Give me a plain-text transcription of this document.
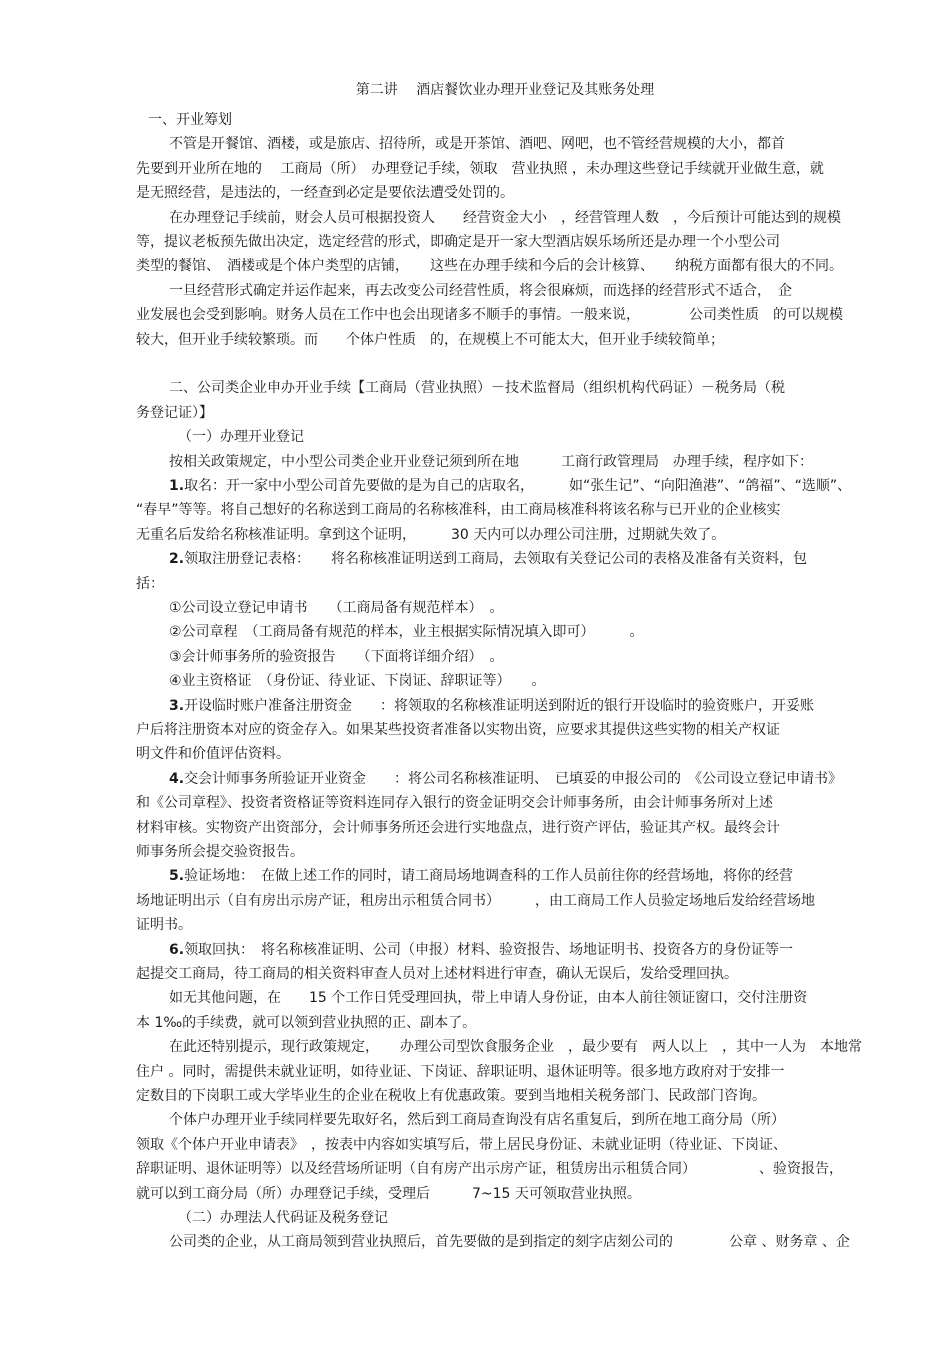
第二讲　 酒店餐饮业办理开业登记及其账务处理
一、开业筹划
不管是开餐馆、酒楼，或是旅店、招待所，或是开茶馆、酒吧、网吧，也不管经营规模的大小，都首
先要到开业所在地的　 工商局（所）　办理登记手续，领取　营业执照 ，未办理这些登记手续就开业做生意，就
是无照经营，是违法的，一经查到必定是要依法遭受处罚的。
在办理登记手续前，财会人员可根据投资人　　经营资金大小　，经营管理人数　，今后预计可能达到的规模
等，提议老板预先做出决定，选定经营的形式，即确定是开一家大型酒店娱乐场所还是办理一个小型公司
类型的餐馆、　酒楼或是个体户类型的店铺，　　这些在办理手续和今后的会计核算、　　纳税方面都有很大的不同。
一旦经营形式确定并运作起来，再去改变公司经营性质，将会很麻烦，而选择的经营形式不适合，　企
业发展也会受到影响。财务人员在工作中也会出现诸多不顺手的事情。一般来说，　　　　公司类性质　的可以规模
较大，但开业手续较繁琐。而　　个体户性质　的，在规模上不可能太大，但开业手续较简单；
二、公司类企业申办开业手续【工商局（营业执照）－技术监督局（组织机构代码证）－税务局（税
务登记证）】
（一）办理开业登记
按相关政策规定，中小型公司类企业开业登记须到所在地　　　工商行政管理局　办理手续，程序如下：
1.取名：开一家中小型公司首先要做的是为自己的店取名，　　　如“张生记”、“向阳渔港”、“鸽福”、“选顺”、
“春早”等等。将自己想好的名称送到工商局的名称核准科，由工商局核准科将该名称与已开业的企业核实
无重名后发给名称核准证明。拿到这个证明，　　　30 天内可以办理公司注册，过期就失效了。
2.领取注册登记表格：　　将名称核准证明送到工商局，去领取有关登记公司的表格及准备有关资料，包
括：
①公司设立登记申请书　　（工商局备有规范样本）　。
②公司章程　（工商局备有规范的样本，业主根据实际情况填入即可）　　　。
③会计师事务所的验资报告　　（下面将详细介绍）　。
④业主资格证　（身份证、待业证、下岗证、辞职证等）　　。
3.开设临时账户准备注册资金　　：将领取的名称核准证明送到附近的银行开设临时的验资账户，开妥账
户后将注册资本对应的资金存入。如果某些投资者准备以实物出资，应要求其提供这些实物的相关产权证
明文件和价值评估资料。
4.交会计师事务所验证开业资金　　：将公司名称核准证明、　已填妥的申报公司的　《公司设立登记申请书》
和《公司章程》、投资者资格证等资料连同存入银行的资金证明交会计师事务所，由会计师事务所对上述
材料审核。实物资产出资部分，会计师事务所还会进行实地盘点，进行资产评估，验证其产权。最终会计
师事务所会提交验资报告。
5.验证场地：　在做上述工作的同时，请工商局场地调查科的工作人员前往你的经营场地，将你的经营
场地证明出示（自有房出示房产证，租房出示租赁合同书）　　　，由工商局工作人员验定场地后发给经营场地
证明书。
6.领取回执：　将名称核准证明、公司（申报）材料、验资报告、场地证明书、投资各方的身份证等一
起提交工商局，待工商局的相关资料审查人员对上述材料进行审查，确认无误后，发给受理回执。
如无其他问题，在　　15 个工作日凭受理回执，带上申请人身份证，由本人前往领证窗口，交付注册资
本 1‰的手续费，就可以领到营业执照的正、副本了。
在此还特别提示，现行政策规定，　　办理公司型饮食服务企业　，最少要有　两人以上　，其中一人为　本地常
住户 。同时，需提供未就业证明，如待业证、下岗证、辞职证明、退休证明等。很多地方政府对于安排一
定数目的下岗职工或大学毕业生的企业在税收上有优惠政策。要到当地相关税务部门、民政部门咨询。
个体户办理开业手续同样要先取好名，然后到工商局查询没有店名重复后，到所在地工商分局（所）
领取《个体户开业申请表》　，按表中内容如实填写后，带上居民身份证、未就业证明（待业证、下岗证、
辞职证明、退休证明等）以及经营场所证明（自有房产出示房产证，租赁房出示租赁合同）　　　　　、验资报告，
就可以到工商分局（所）办理登记手续，受理后　　　7~15 天可领取营业执照。
（二）办理法人代码证及税务登记
公司类的企业，从工商局领到营业执照后，首先要做的是到指定的刻字店刻公司的　　　　公章 、财务章 、企
